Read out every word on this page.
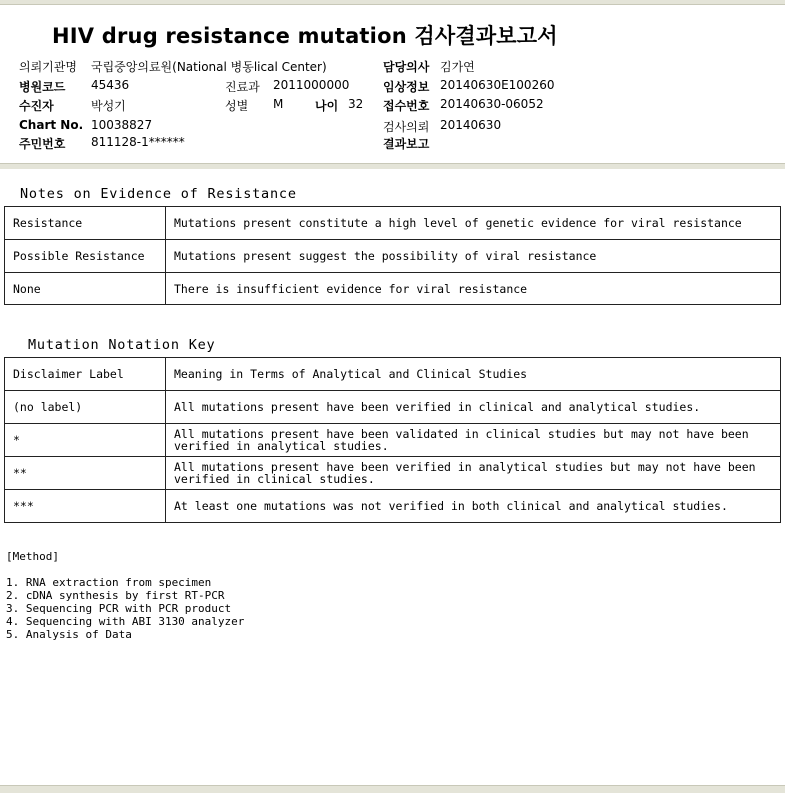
HIV drug resistance mutation 검사결과보고서
의뢰기관명 국립중앙의료원(National 병동lical Center)	담당의사 김가연
병원코드 45436	진료과 2011000000	임상정보 20140630E100260
수진자	박성기	성별 M	나이 32 접수번호 20140630-06052
Chart No. 10038827	검사의뢰 20140630
주민번호 811128-1******	결과보고
Notes on Evidence of Resistance
Resistance	Mutations present constitute a high level of genetic evidence for viral resistance
Possible Resistance	Mutations present suggest the possibility of viral resistance
None	There is insufficient evidence for viral resistance
Mutation Notation Key
Disclaimer Label	Meaning in Terms of Analytical and Clinical Studies
(no label)	All mutations present have been verified in clinical and analytical studies.
*	All mutations present have been validated in clinical studies but may not have been verified in analytical studies.
**	All mutations present have been verified in analytical studies but may not have been verified in clinical studies.
***	At least one mutations was not verified in both clinical and analytical studies.
[Method]
1. RNA extraction from specimen
2. cDNA synthesis by first RT-PCR
3. Sequencing PCR with PCR product
4. Sequencing with ABI 3130 analyzer
5. Analysis of Data
